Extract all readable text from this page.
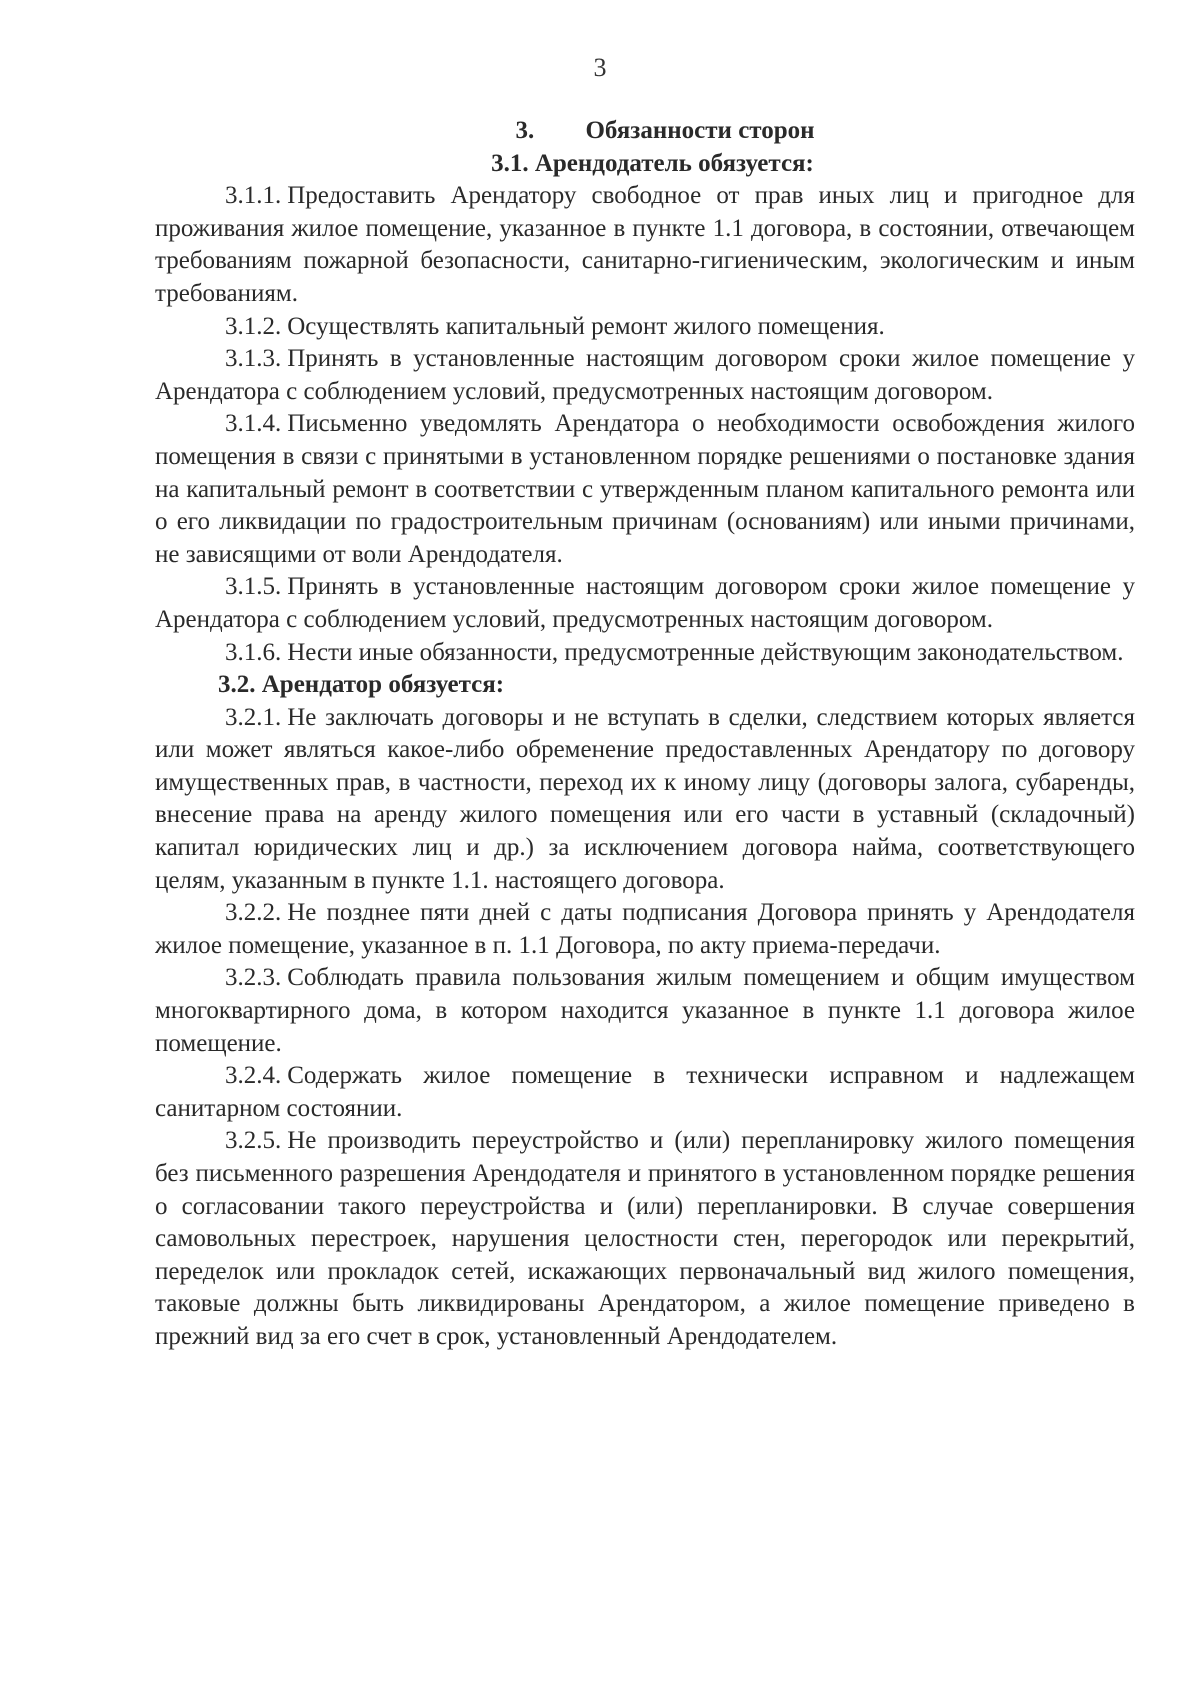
3

3. Обязанности сторон

3.1. Арендодатель обязуется:

3.1.1. Предоставить Арендатору свободное от прав иных лиц и пригодное для проживания жилое помещение, указанное в пункте 1.1 договора, в состоянии, отвечающем требованиям пожарной безопасности, санитарно-гигиеническим, экологическим и иным требованиям.

3.1.2. Осуществлять капитальный ремонт жилого помещения.

3.1.3. Принять в установленные настоящим договором сроки жилое помещение у Арендатора с соблюдением условий, предусмотренных настоящим договором.

3.1.4. Письменно уведомлять Арендатора о необходимости освобождения жилого помещения в связи с принятыми в установленном порядке решениями о постановке здания на капитальный ремонт в соответствии с утвержденным планом капитального ремонта или о его ликвидации по градостроительным причинам (основаниям) или иными причинами, не зависящими от воли Арендодателя.

3.1.5. Принять в установленные настоящим договором сроки жилое помещение у Арендатора с соблюдением условий, предусмотренных настоящим договором.

3.1.6. Нести иные обязанности, предусмотренные действующим законодательством.

3.2. Арендатор обязуется:

3.2.1. Не заключать договоры и не вступать в сделки, следствием которых является или может являться какое-либо обременение предоставленных Арендатору по договору имущественных прав, в частности, переход их к иному лицу (договоры залога, субаренды, внесение права на аренду жилого помещения или его части в уставный (складочный) капитал юридических лиц и др.) за исключением договора найма, соответствующего целям, указанным в пункте 1.1. настоящего договора.

3.2.2. Не позднее пяти дней с даты подписания Договора принять у Арендодателя жилое помещение, указанное в п. 1.1 Договора, по акту приема-передачи.

3.2.3. Соблюдать правила пользования жилым помещением и общим имуществом многоквартирного дома, в котором находится указанное в пункте 1.1 договора жилое помещение.

3.2.4. Содержать жилое помещение в технически исправном и надлежащем санитарном состоянии.

3.2.5. Не производить переустройство и (или) перепланировку жилого помещения без письменного разрешения Арендодателя и принятого в установленном порядке решения о согласовании такого переустройства и (или) перепланировки. В случае совершения самовольных перестроек, нарушения целостности стен, перегородок или перекрытий, переделок или прокладок сетей, искажающих первоначальный вид жилого помещения, таковые должны быть ликвидированы Арендатором, а жилое помещение приведено в прежний вид за его счет в срок, установленный Арендодателем.
